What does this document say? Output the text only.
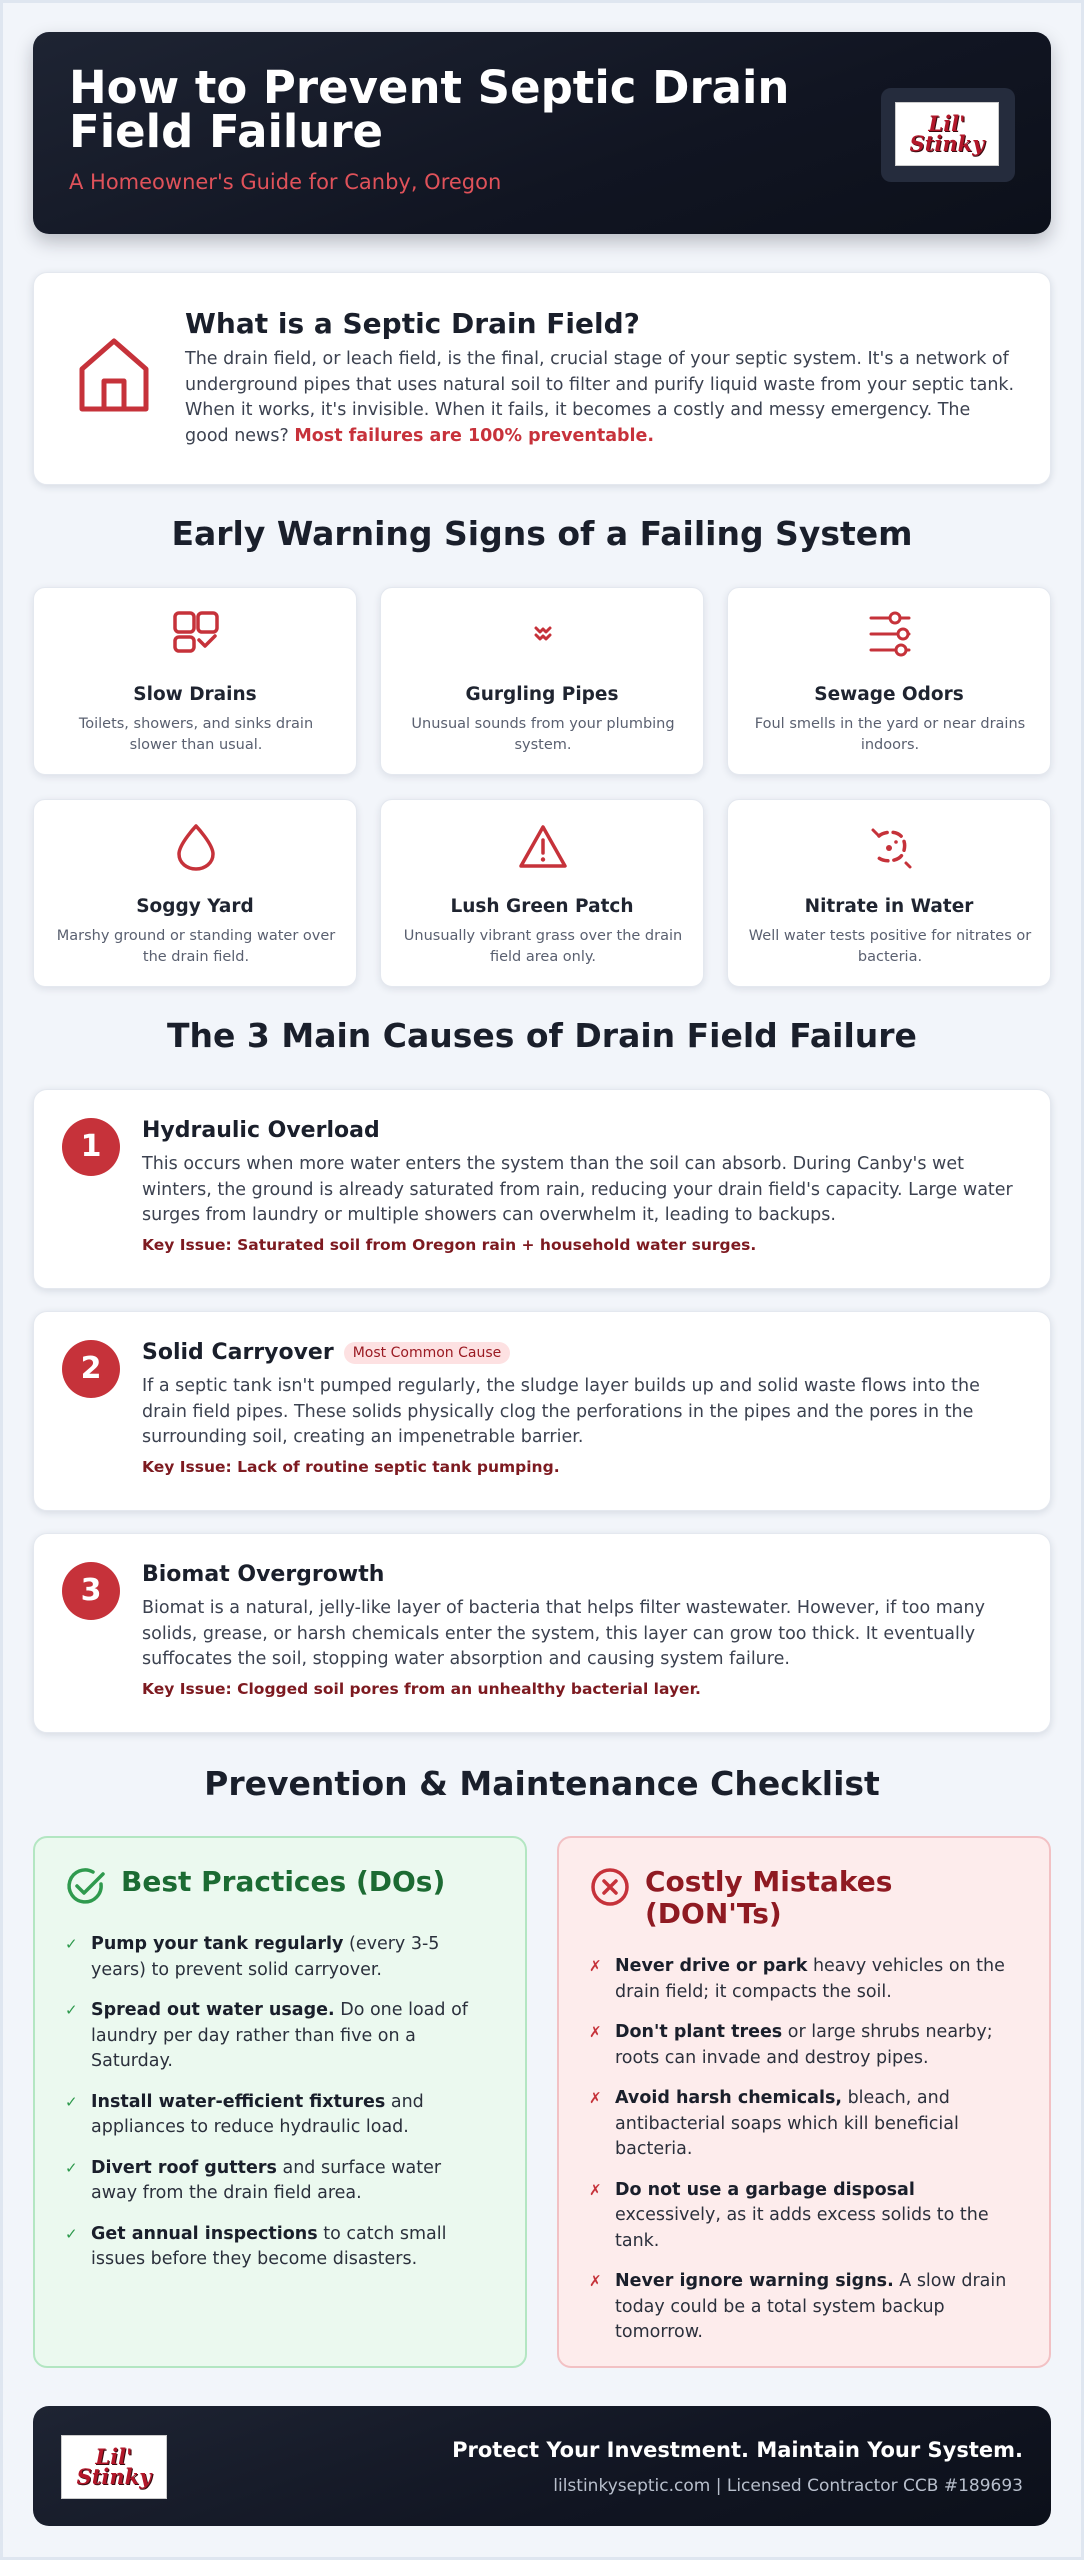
How to Prevent Septic Drain Field Failure
A Homeowner's Guide for Canby, Oregon
Lil'
Stinky
What is a Septic Drain Field?

The drain field, or leach field, is the final, crucial stage of your septic system. It's a network of underground pipes that uses natural soil to filter and purify liquid waste from your septic tank. When it works, it's invisible. When it fails, it becomes a costly and messy emergency. The good news? Most failures are 100% preventable.

Early Warning Signs of a Failing System
Slow Drains
Toilets, showers, and sinks drain slower than usual.
Gurgling Pipes
Unusual sounds from your plumbing system.
Sewage Odors
Foul smells in the yard or near drains indoors.
Soggy Yard
Marshy ground or standing water over the drain field.
Lush Green Patch
Unusually vibrant grass over the drain field area only.
Nitrate in Water
Well water tests positive for nitrates or bacteria.
The 3 Main Causes of Drain Field Failure
1	Hydraulic Overload

This occurs when more water enters the system than the soil can absorb. During Canby's wet winters, the ground is already saturated from rain, reducing your drain field's capacity. Large water surges from laundry or multiple showers can overwhelm it, leading to backups.

Key Issue: Saturated soil from Oregon rain + household water surges.
2	Solid Carryover	Most Common Cause

If a septic tank isn't pumped regularly, the sludge layer builds up and solid waste flows into the drain field pipes. These solids physically clog the perforations in the pipes and the pores in the surrounding soil, creating an impenetrable barrier.

Key Issue: Lack of routine septic tank pumping.
3	Biomat Overgrowth

Biomat is a natural, jelly-like layer of bacteria that helps filter wastewater. However, if too many solids, grease, or harsh chemicals enter the system, this layer can grow too thick. It eventually suffocates the soil, stopping water absorption and causing system failure.

Key Issue: Clogged soil pores from an unhealthy bacterial layer.
Prevention & Maintenance Checklist
Best Practices (DOs)
✓ Pump your tank regularly (every 3-5 years) to prevent solid carryover.
✓ Spread out water usage. Do one load of laundry per day rather than five on a Saturday.
✓ Install water-efficient fixtures and appliances to reduce hydraulic load.
✓ Divert roof gutters and surface water away from the drain field area.
✓ Get annual inspections to catch small issues before they become disasters.
Costly Mistakes (DON'Ts)
✗ Never drive or park heavy vehicles on the drain field; it compacts the soil.
✗ Don't plant trees or large shrubs nearby; roots can invade and destroy pipes.
✗ Avoid harsh chemicals, bleach, and antibacterial soaps which kill beneficial bacteria.
✗ Do not use a garbage disposal excessively, as it adds excess solids to the tank.
✗ Never ignore warning signs. A slow drain today could be a total system backup tomorrow.
Lil'
Stinky
Protect Your Investment. Maintain Your System.
lilstinkyseptic.com | Licensed Contractor CCB #189693
